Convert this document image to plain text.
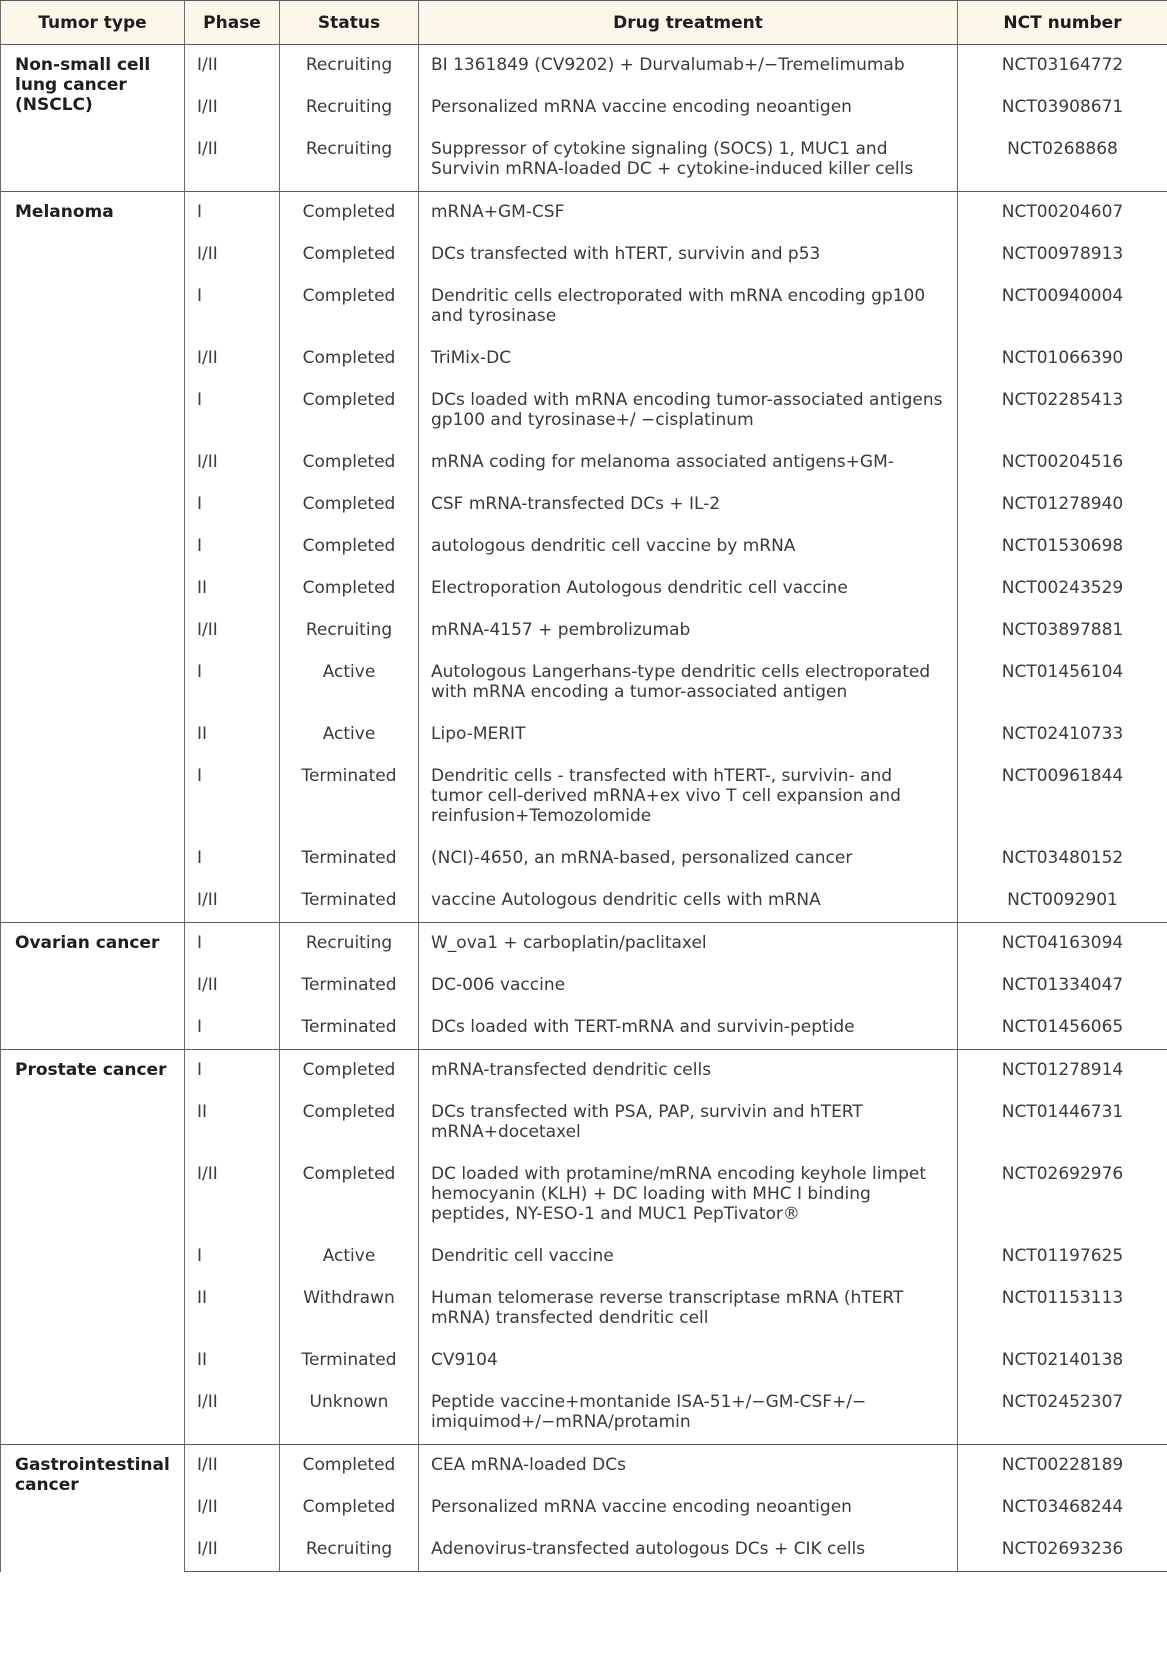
Tumor type	Phase	Status	Drug treatment	NCT number

Non-small cell lung cancer (NSCLC)	I/II	Recruiting	BI 1361849 (CV9202) + Durvalumab+/−Tremelimumab	NCT03164772

	I/II	Recruiting	Personalized mRNA vaccine encoding neoantigen	NCT03908671

	I/II	Recruiting	Suppressor of cytokine signaling (SOCS) 1, MUC1 and Survivin mRNA-loaded DC + cytokine-induced killer cells	NCT0268868

Melanoma	I	Completed	mRNA+GM-CSF	NCT00204607

	I/II	Completed	DCs transfected with hTERT, survivin and p53	NCT00978913

	I	Completed	Dendritic cells electroporated with mRNA encoding gp100 and tyrosinase	NCT00940004

	I/II	Completed	TriMix-DC	NCT01066390

	I	Completed	DCs loaded with mRNA encoding tumor-associated antigens gp100 and tyrosinase+/ −cisplatinum	NCT02285413

	I/II	Completed	mRNA coding for melanoma associated antigens+GM-	NCT00204516

	I	Completed	CSF mRNA-transfected DCs + IL-2	NCT01278940

	I	Completed	autologous dendritic cell vaccine by mRNA	NCT01530698

	II	Completed	Electroporation Autologous dendritic cell vaccine	NCT00243529

	I/II	Recruiting	mRNA-4157 + pembrolizumab	NCT03897881

	I	Active	Autologous Langerhans-type dendritic cells electroporated with mRNA encoding a tumor-associated antigen	NCT01456104

	II	Active	Lipo-MERIT	NCT02410733

	I	Terminated	Dendritic cells - transfected with hTERT-, survivin- and tumor cell-derived mRNA+ex vivo T cell expansion and reinfusion+Temozolomide	NCT00961844

	I	Terminated	(NCI)-4650, an mRNA-based, personalized cancer	NCT03480152

	I/II	Terminated	vaccine Autologous dendritic cells with mRNA	NCT0092901

Ovarian cancer	I	Recruiting	W_ova1 + carboplatin/paclitaxel	NCT04163094

	I/II	Terminated	DC-006 vaccine	NCT01334047

	I	Terminated	DCs loaded with TERT-mRNA and survivin-peptide	NCT01456065

Prostate cancer	I	Completed	mRNA-transfected dendritic cells	NCT01278914

	II	Completed	DCs transfected with PSA, PAP, survivin and hTERT mRNA+docetaxel	NCT01446731

	I/II	Completed	DC loaded with protamine/mRNA encoding keyhole limpet hemocyanin (KLH) + DC loading with MHC I binding peptides, NY-ESO-1 and MUC1 PepTivator®	NCT02692976

	I	Active	Dendritic cell vaccine	NCT01197625

	II	Withdrawn	Human telomerase reverse transcriptase mRNA (hTERT mRNA) transfected dendritic cell	NCT01153113

	II	Terminated	CV9104	NCT02140138

	I/II	Unknown	Peptide vaccine+montanide ISA-51+/−GM-CSF+/− imiquimod+/−mRNA/protamin	NCT02452307

Gastrointestinal cancer	I/II	Completed	CEA mRNA-loaded DCs	NCT00228189

	I/II	Completed	Personalized mRNA vaccine encoding neoantigen	NCT03468244

	I/II	Recruiting	Adenovirus-transfected autologous DCs + CIK cells	NCT02693236
